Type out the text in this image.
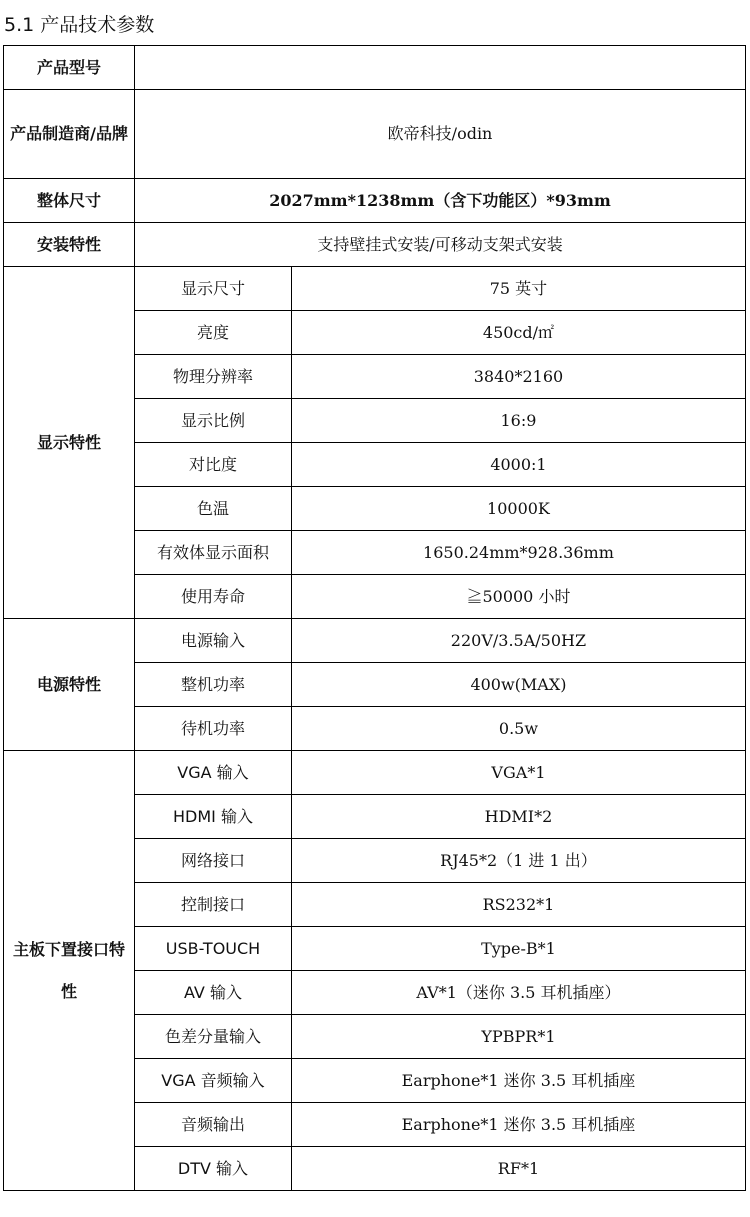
5.1 产品技术参数
产品型号		
产品制造商/品牌	欧帝科技/odin	
整体尺寸	2027mm*1238mm（含下功能区）*93mm	
安装特性	支持壁挂式安装/可移动支架式安装	
显示特性	显示尺寸	75 英寸
	亮度	450cd/㎡
	物理分辨率	3840*2160
	显示比例	16:9
	对比度	4000:1
	色温	10000K
	有效体显示面积	1650.24mm*928.36mm
	使用寿命	≧50000 小时
电源特性	电源输入	220V/3.5A/50HZ
	整机功率	400w(MAX)
	待机功率	0.5w
主板下置接口特性	VGA 输入	VGA*1
	HDMI 输入	HDMI*2
	网络接口	RJ45*2（1 进 1 出）
	控制接口	RS232*1
	USB-TOUCH	Type-B*1
	AV 输入	AV*1（迷你 3.5 耳机插座）
	色差分量输入	YPBPR*1
	VGA 音频输入	Earphone*1 迷你 3.5 耳机插座
	音频输出	Earphone*1 迷你 3.5 耳机插座
	DTV 输入	RF*1
